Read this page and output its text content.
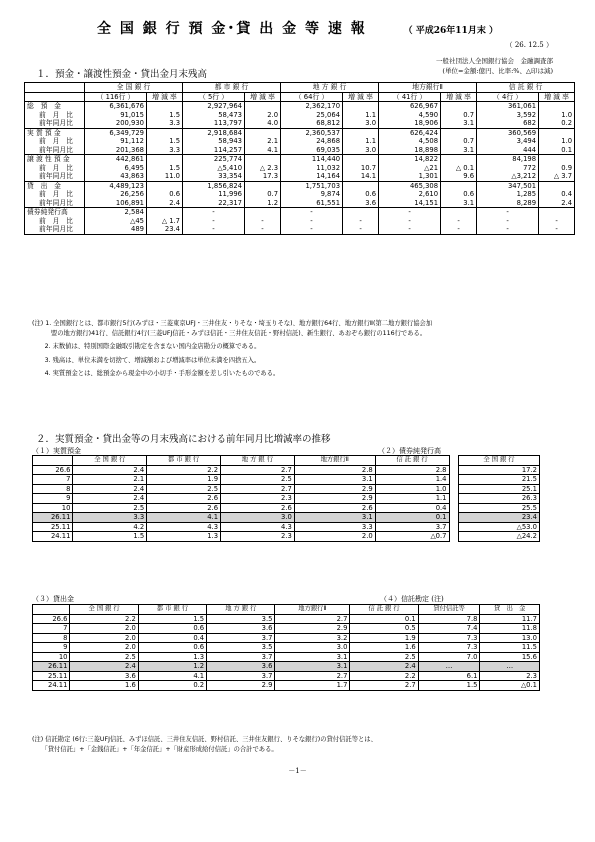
全 国 銀 行 預 金･貸 出 金 等 速 報	（ 平成26年11月末 ）
（ 26. 12.5 ）
一般社団法人全国銀行協会　金融調査部
(単位=金額:億円、比率:%、△印は減)
１．預金・譲渡性預金・貸出金月末残高
	全 国 銀 行		都 市 銀 行		地 方 銀 行		地方銀行Ⅱ		信 託 銀 行	
	（ 116行 ）	増 減 率	（ 5行 ）	増 減 率	（ 64行 ）	増 減 率	（ 41行 ）	増 減 率	（ 4行 ）	増 減 率
総　預　金	6,361,676		2,927,964		2,362,170		626,967		361,061	
前　月　比	91,015	1.5	58,473	2.0	25,064	1.1	4,590	0.7	3,592	1.0
前年同月比	200,930	3.3	113,797	4.0	68,812	3.0	18,906	3.1	682	0.2
実 質 預 金	6,349,729		2,918,684		2,360,537		626,424		360,569	
前　月　比	91,112	1.5	58,943	2.1	24,868	1.1	4,508	0.7	3,494	1.0
前年同月比	201,368	3.3	114,257	4.1	69,035	3.0	18,898	3.1	444	0.1
譲 渡 性 預 金	442,861		225,774		114,440		14,822		84,198	
前　月　比	6,495	1.5	△5,410	△ 2.3	11,032	10.7	△21	△ 0.1	772	0.9
前年同月比	43,863	11.0	33,354	17.3	14,164	14.1	1,301	9.6	△3,212	△ 3.7
貸　出　金	4,489,123		1,856,824		1,751,703		465,308		347,501	
前　月　比	26,256	0.6	11,996	0.7	9,874	0.6	2,610	0.6	1,285	0.4
前年同月比	106,891	2.4	22,317	1.2	61,551	3.6	14,151	3.1	8,289	2.4
債券純発行高	2,584		-		-		-		-	
前　月　比	△45	△ 1.7	-	-	-	-	-	-	-	-
前年同月比	489	23.4	-	-	-	-	-	-	-	-
(注) 1. 全国銀行とは、都市銀行5行(みずほ・三菱東京UFJ・三井住友・りそな・埼玉りそな)、地方銀行64行、地方銀行Ⅱ(第二地方銀行協会加
　　　盟の地方銀行)41行、信託銀行4行(三菱UFJ信託・みずほ信託・三井住友信託・野村信託)、新生銀行、あおぞら銀行の116行である。
　　2. 末数値は、特別国際金融取引勘定を含まない国内金店勘分の概算である。
　　3. 残高は、単位未満を切捨て、増減額および増減率は単位未満を四捨五入。
　　4. 実質預金とは、総預金から現金中の小切手・手形金額を差し引いたものである。
２．実質預金・貸出金等の月末残高における前年同月比増減率の推移
（１）実質預金	（２）債券純発行高
	全 国 銀 行	都 市 銀 行	地 方 銀 行	地方銀行Ⅱ	信 託 銀 行		全 国 銀 行
26.6	2.4	2.2	2.7	2.8	2.8		17.2
7	2.1	1.9	2.5	3.1	1.4		21.5
8	2.4	2.5	2.7	2.9	1.0		25.1
9	2.4	2.6	2.3	2.9	1.1		26.3
10	2.5	2.6	2.6	2.6	0.4		25.5
26.11	3.3	4.1	3.0	3.1	0.1		23.4
25.11	4.2	4.3	4.3	3.3	3.7		△53.0
24.11	1.5	1.3	2.3	2.0	△0.7		△24.2
（３）貸出金	（４）信託勘定 (注)
	全 国 銀 行	都 市 銀 行	地 方 銀 行	地方銀行Ⅱ	信 託 銀 行	貸付信託等	貸　出　金
26.6	2.2	1.5	3.5	2.7	0.1	7.8	11.7
7	2.0	0.6	3.6	2.9	0.5	7.4	11.8
8	2.0	0.4	3.7	3.2	1.9	7.3	13.0
9	2.0	0.6	3.5	3.0	1.6	7.3	11.5
10	2.5	1.3	3.7	3.1	2.5	7.0	15.6
26.11	2.4	1.2	3.6	3.1	2.4	…	…
25.11	3.6	4.1	3.7	2.7	2.2	6.1	2.3
24.11	1.6	0.2	2.9	1.7	2.7	1.5	△0.1
(注) 信託勘定 (6行:三菱UFJ信託、みずほ信託、三井住友信託、野村信託、三井住友銀行、りそな銀行)の貸付信託等とは、
　　「貸付信託」+「金銭信託」+「年金信託」+「財産形成給付信託」の合計である。
－1－
